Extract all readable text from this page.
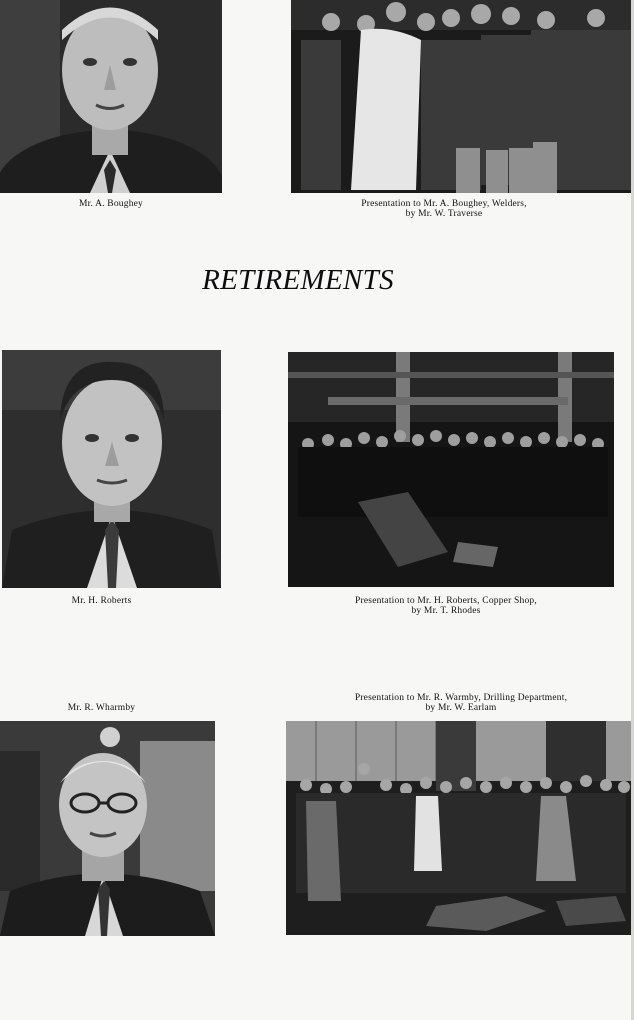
Mr. A. Boughey	Presentation to Mr. A. Boughey, Welders,
by Mr. W. Traverse
RETIREMENTS
Mr. H. Roberts	Presentation to Mr. H. Roberts, Copper Shop,
by Mr. T. Rhodes
Mr. R. Wharmby
Presentation to Mr. R. Warmby, Drilling Department,
by Mr. W. Earlam
